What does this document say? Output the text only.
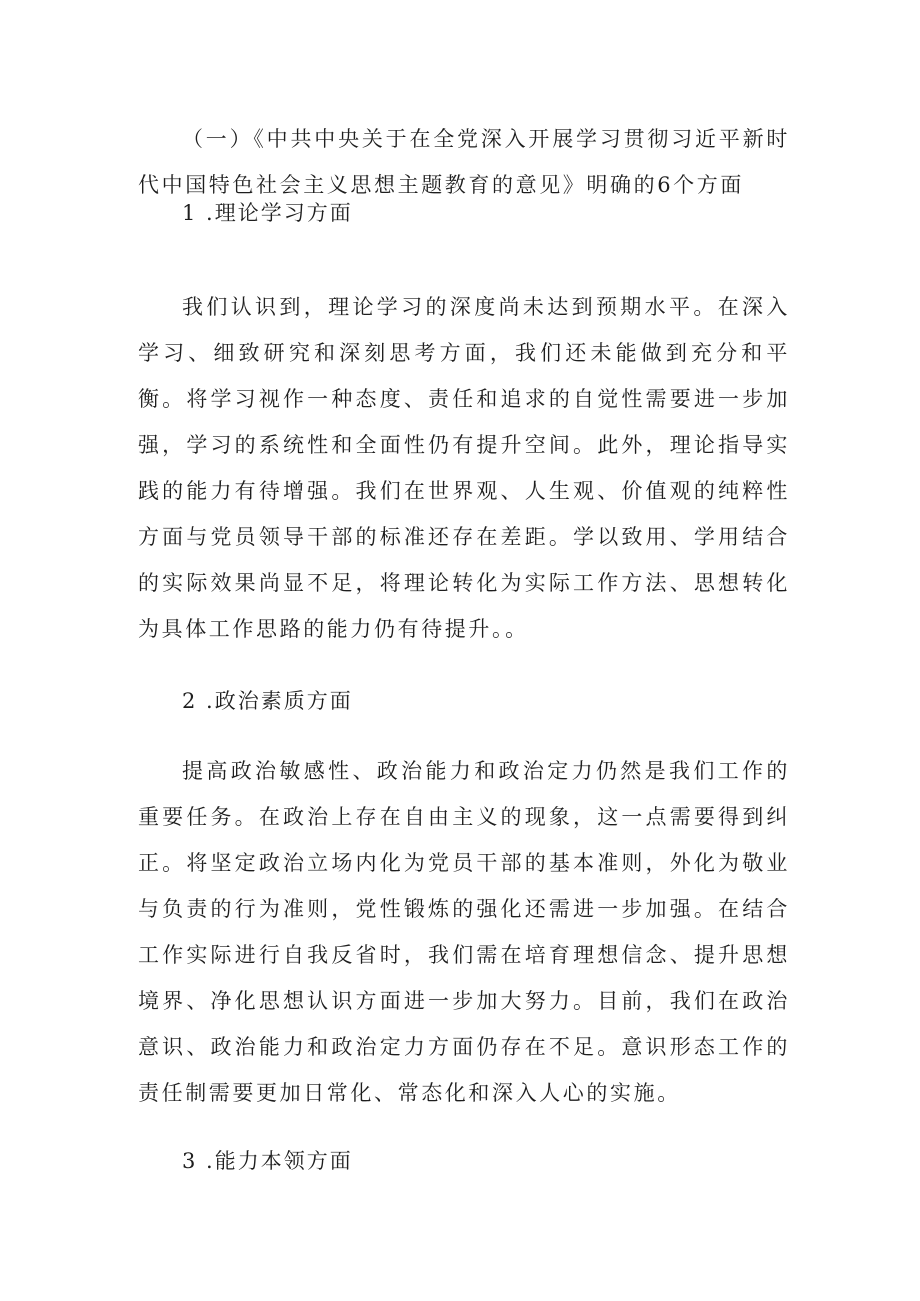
（一）《中共中央关于在全党深入开展学习贯彻习近平新时代中国特色社会主义思想主题教育的意见》明确的6个方面

1 .理论学习方面

我们认识到，理论学习的深度尚未达到预期水平。在深入学习、细致研究和深刻思考方面，我们还未能做到充分和平衡。将学习视作一种态度、责任和追求的自觉性需要进一步加强，学习的系统性和全面性仍有提升空间。此外，理论指导实践的能力有待增强。我们在世界观、人生观、价值观的纯粹性方面与党员领导干部的标准还存在差距。学以致用、学用结合的实际效果尚显不足，将理论转化为实际工作方法、思想转化为具体工作思路的能力仍有待提升。。

2 .政治素质方面

提高政治敏感性、政治能力和政治定力仍然是我们工作的重要任务。在政治上存在自由主义的现象，这一点需要得到纠正。将坚定政治立场内化为党员干部的基本准则，外化为敬业与负责的行为准则，党性锻炼的强化还需进一步加强。在结合工作实际进行自我反省时，我们需在培育理想信念、提升思想境界、净化思想认识方面进一步加大努力。目前，我们在政治意识、政治能力和政治定力方面仍存在不足。意识形态工作的责任制需要更加日常化、常态化和深入人心的实施。

3 .能力本领方面
